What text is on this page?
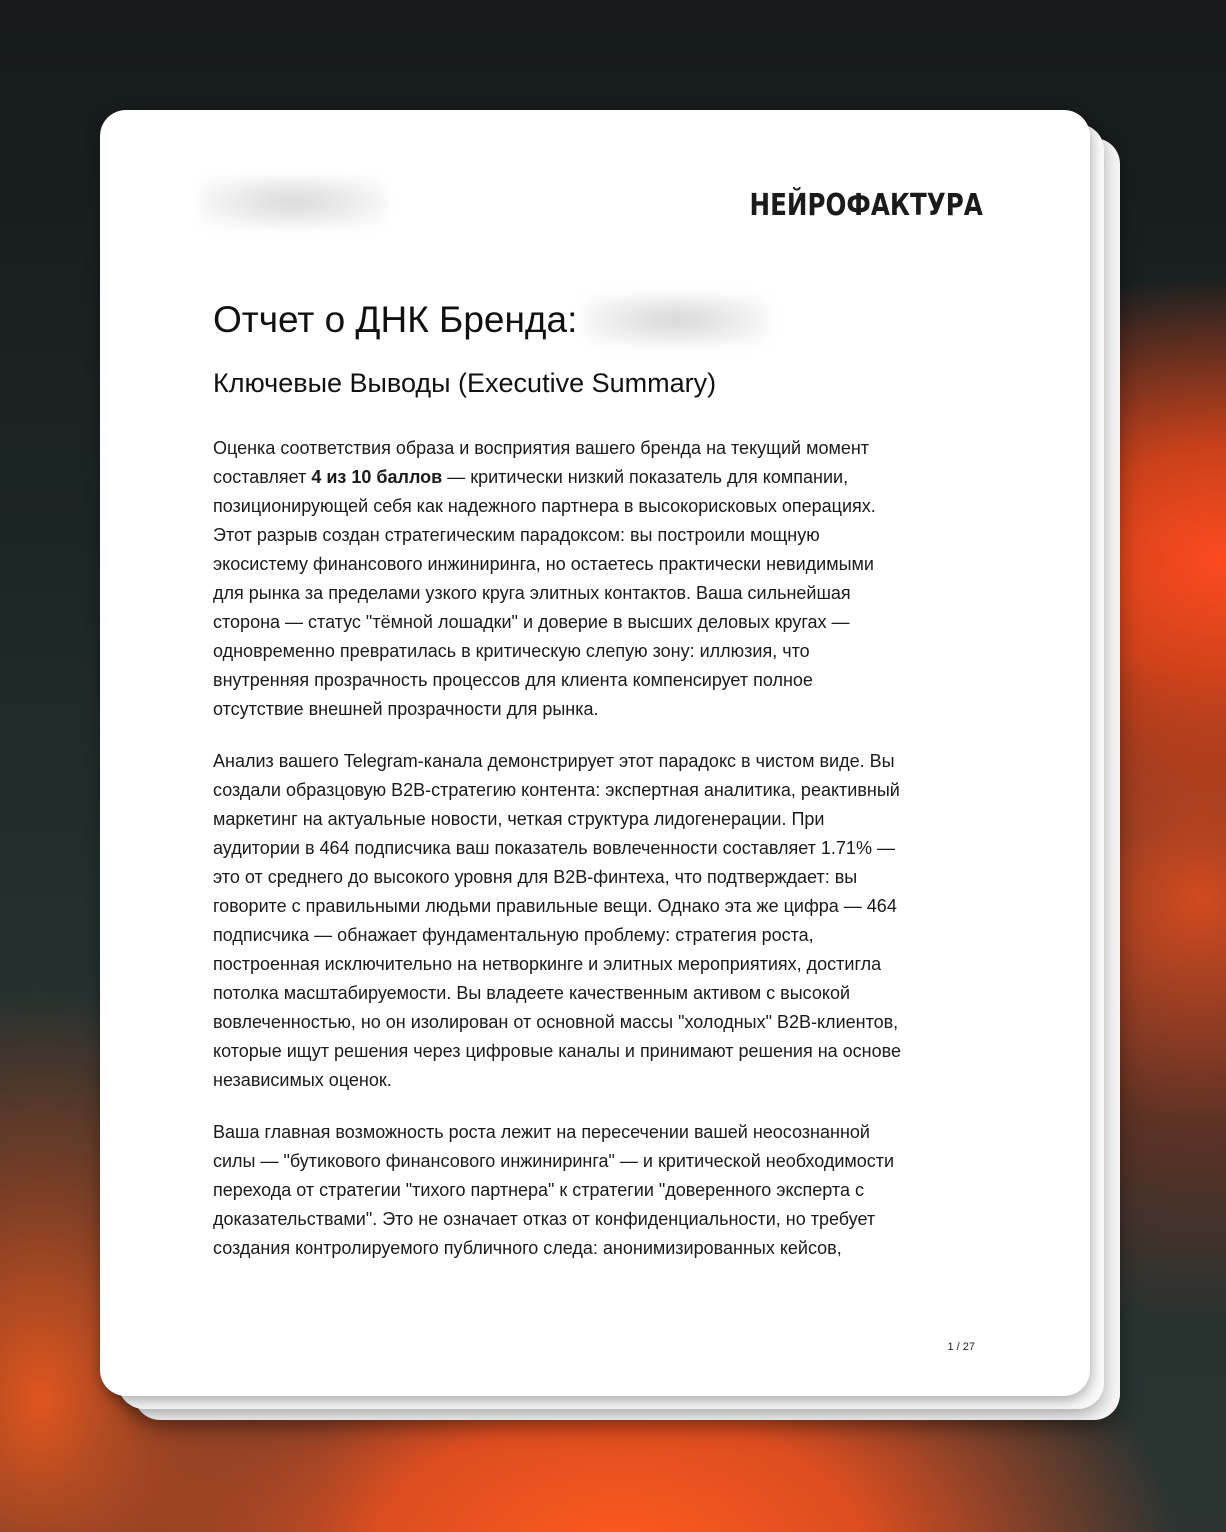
НЕЙРОФАКТУРА
Отчет о ДНК Бренда:
Ключевые Выводы (Executive Summary)

Оценка соответствия образа и восприятия вашего бренда на текущий момент
составляет 4 из 10 баллов — критически низкий показатель для компании,
позиционирующей себя как надежного партнера в высокорисковых операциях.
Этот разрыв создан стратегическим парадоксом: вы построили мощную
экосистему финансового инжиниринга, но остаетесь практически невидимыми
для рынка за пределами узкого круга элитных контактов. Ваша сильнейшая
сторона — статус "тёмной лошадки" и доверие в высших деловых кругах —
одновременно превратилась в критическую слепую зону: иллюзия, что
внутренняя прозрачность процессов для клиента компенсирует полное
отсутствие внешней прозрачности для рынка.

Анализ вашего Telegram-канала демонстрирует этот парадокс в чистом виде. Вы
создали образцовую B2B-стратегию контента: экспертная аналитика, реактивный
маркетинг на актуальные новости, четкая структура лидогенерации. При
аудитории в 464 подписчика ваш показатель вовлеченности составляет 1.71% —
это от среднего до высокого уровня для B2B-финтеха, что подтверждает: вы
говорите с правильными людьми правильные вещи. Однако эта же цифра — 464
подписчика — обнажает фундаментальную проблему: стратегия роста,
построенная исключительно на нетворкинге и элитных мероприятиях, достигла
потолка масштабируемости. Вы владеете качественным активом с высокой
вовлеченностью, но он изолирован от основной массы "холодных" B2B-клиентов,
которые ищут решения через цифровые каналы и принимают решения на основе
независимых оценок.

Ваша главная возможность роста лежит на пересечении вашей неосознанной
силы — "бутикового финансового инжиниринга" — и критической необходимости
перехода от стратегии "тихого партнера" к стратегии "доверенного эксперта с
доказательствами". Это не означает отказ от конфиденциальности, но требует
создания контролируемого публичного следа: анонимизированных кейсов,

1 / 27
